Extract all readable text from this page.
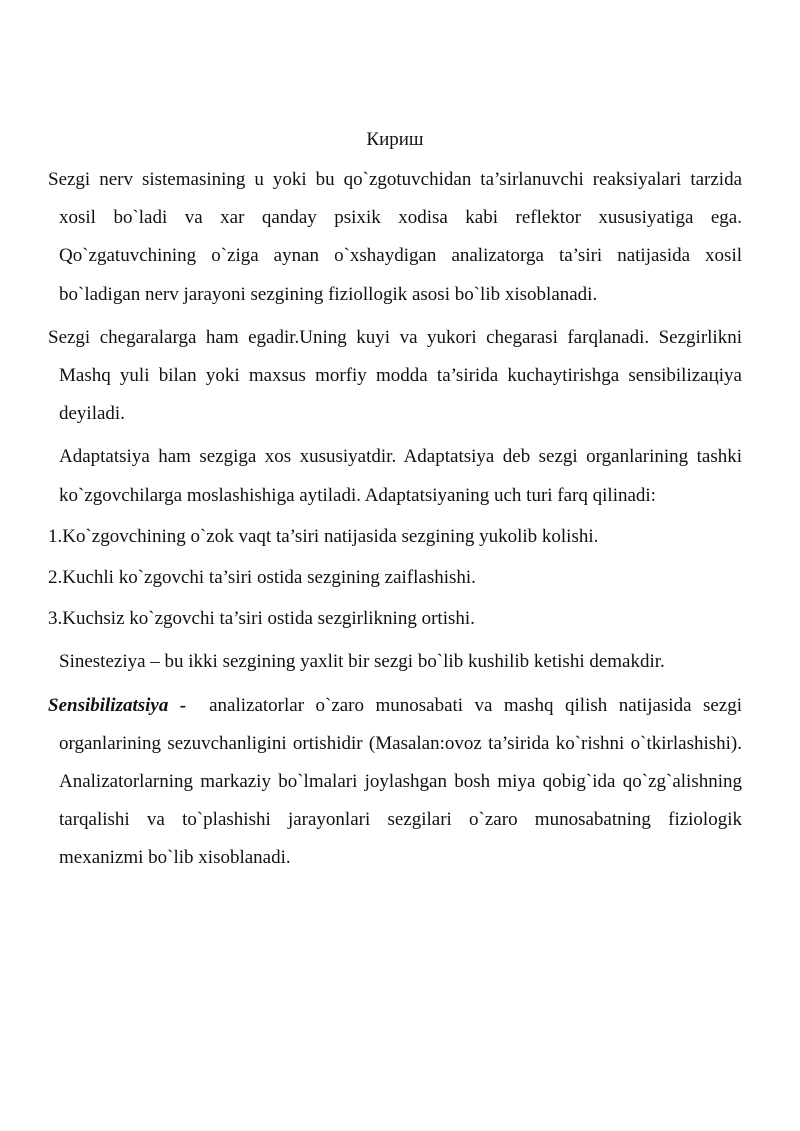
Кириш

Sezgi nerv sistemasining u yoki bu qo`zgotuvchidan ta’sirlanuvchi reaksiyalari tarzida xosil bo`ladi va xar qanday psixik xodisa kabi reflektor xususiyatiga ega. Qo`zgatuvchining o`ziga aynan o`xshaydigan analizatorga ta’siri natijasida xosil bo`ladigan nerv jarayoni sezgining fiziollogik asosi bo`lib xisoblanadi.

Sezgi chegaralarga ham egadir.Uning kuyi va yukori chegarasi farqlanadi. Sezgirlikni Mashq yuli bilan yoki maxsus morfiy modda ta’sirida kuchaytirishga sensibilizaцiya deyiladi.

Adaptatsiya ham sezgiga xos xususiyatdir. Adaptatsiya deb sezgi organlarining tashki ko`zgovchilarga moslashishiga aytiladi. Adaptatsiyaning uch turi farq qilinadi:

1.Ko`zgovchining o`zok vaqt ta’siri natijasida sezgining yukolib kolishi.

2.Kuchli ko`zgovchi ta’siri ostida sezgining zaiflashishi.

3.Kuchsiz ko`zgovchi ta’siri ostida sezgirlikning ortishi.

Sinesteziya – bu ikki sezgining yaxlit bir sezgi bo`lib kushilib ketishi demakdir.

Sensibilizatsiya - analizatorlar o`zaro munosabati va mashq qilish natijasida sezgi organlarining sezuvchanligini ortishidir (Masalan:ovoz ta’sirida ko`rishni o`tkirlashishi). Analizatorlarning markaziy bo`lmalari joylashgan bosh miya qobig`ida qo`zg`alishning tarqalishi va to`plashishi jarayonlari sezgilari o`zaro munosabatning fiziologik mexanizmi bo`lib xisoblanadi.
